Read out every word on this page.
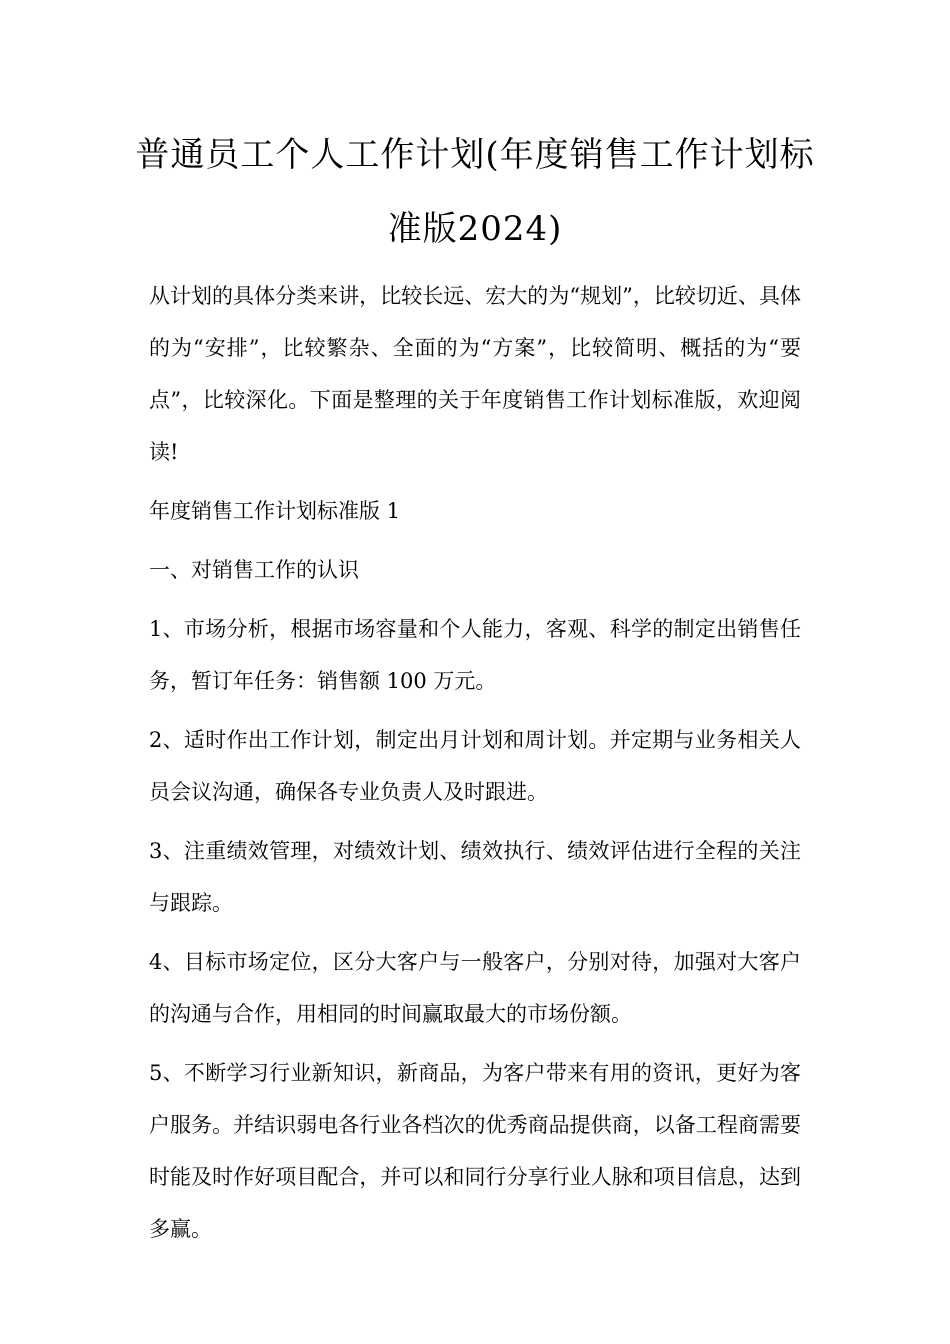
普通员工个人工作计划(年度销售工作计划标准版2024)

从计划的具体分类来讲，比较长远、宏大的为“规划”，比较切近、具体的为“安排”，比较繁杂、全面的为“方案”，比较简明、概括的为“要点”，比较深化。下面是整理的关于年度销售工作计划标准版，欢迎阅读!

年度销售工作计划标准版 1

一、对销售工作的认识

1、市场分析，根据市场容量和个人能力，客观、科学的制定出销售任务，暂订年任务：销售额 100 万元。

2、适时作出工作计划，制定出月计划和周计划。并定期与业务相关人员会议沟通，确保各专业负责人及时跟进。

3、注重绩效管理，对绩效计划、绩效执行、绩效评估进行全程的关注与跟踪。

4、目标市场定位，区分大客户与一般客户，分别对待，加强对大客户的沟通与合作，用相同的时间赢取最大的市场份额。

5、不断学习行业新知识，新商品，为客户带来有用的资讯，更好为客户服务。并结识弱电各行业各档次的优秀商品提供商，以备工程商需要时能及时作好项目配合，并可以和同行分享行业人脉和项目信息，达到多赢。
